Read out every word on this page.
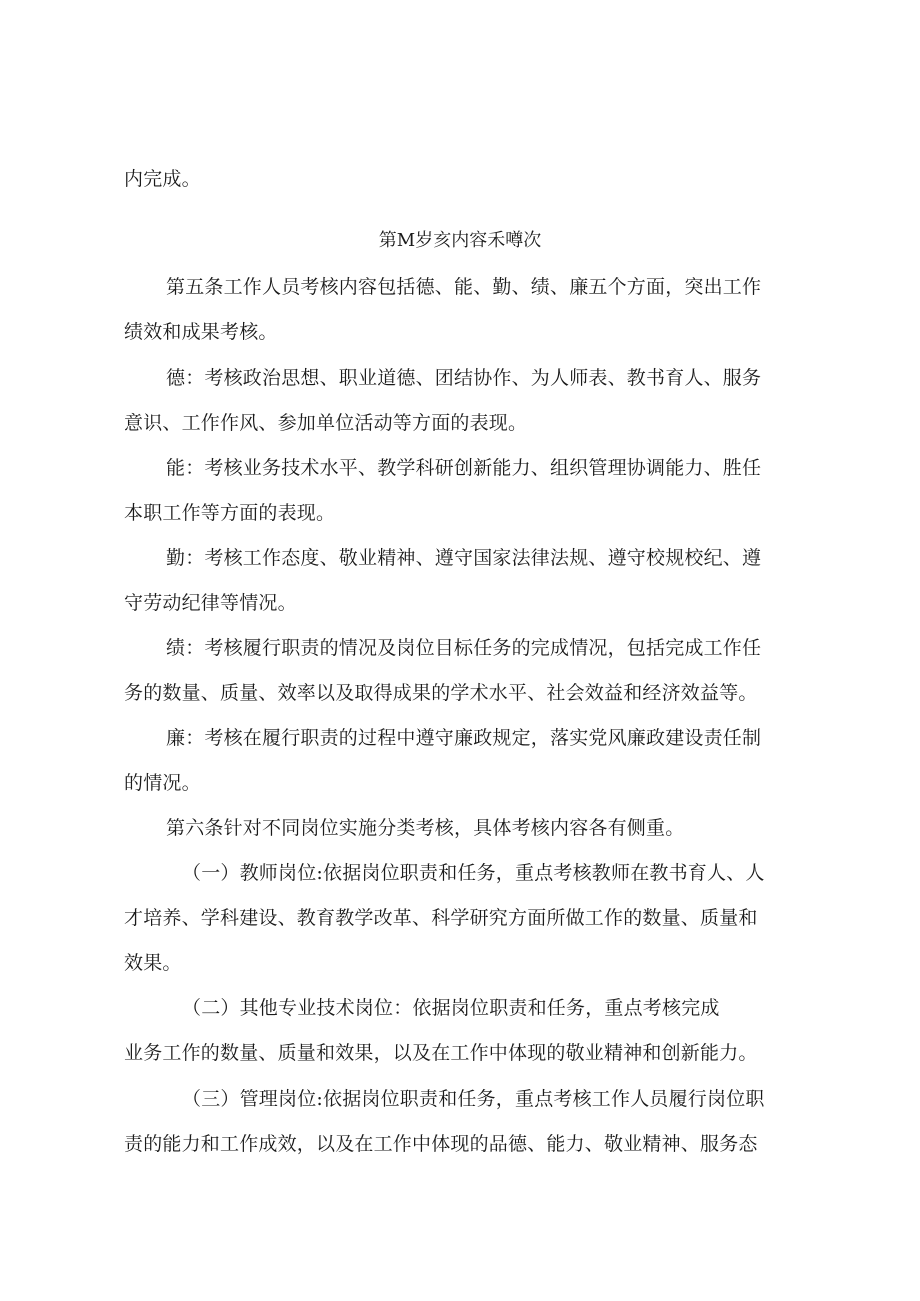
内完成。

第M岁亥内容禾噂次

第五条工作人员考核内容包括德、能、勤、绩、廉五个方面，突出工作

绩效和成果考核。

德：考核政治思想、职业道德、团结协作、为人师表、教书育人、服务

意识、工作作风、参加单位活动等方面的表现。

能：考核业务技术水平、教学科研创新能力、组织管理协调能力、胜任

本职工作等方面的表现。

勤：考核工作态度、敬业精神、遵守国家法律法规、遵守校规校纪、遵

守劳动纪律等情况。

绩：考核履行职责的情况及岗位目标任务的完成情况，包括完成工作任

务的数量、质量、效率以及取得成果的学术水平、社会效益和经济效益等。

廉：考核在履行职责的过程中遵守廉政规定，落实党风廉政建设责任制

的情况。

第六条针对不同岗位实施分类考核，具体考核内容各有侧重。

（一）教师岗位:依据岗位职责和任务，重点考核教师在教书育人、人

才培养、学科建设、教育教学改革、科学研究方面所做工作的数量、质量和

效果。

（二）其他专业技术岗位：依据岗位职责和任务，重点考核完成

业务工作的数量、质量和效果，以及在工作中体现的敬业精神和创新能力。

（三）管理岗位:依据岗位职责和任务，重点考核工作人员履行岗位职

责的能力和工作成效，以及在工作中体现的品德、能力、敬业精神、服务态
